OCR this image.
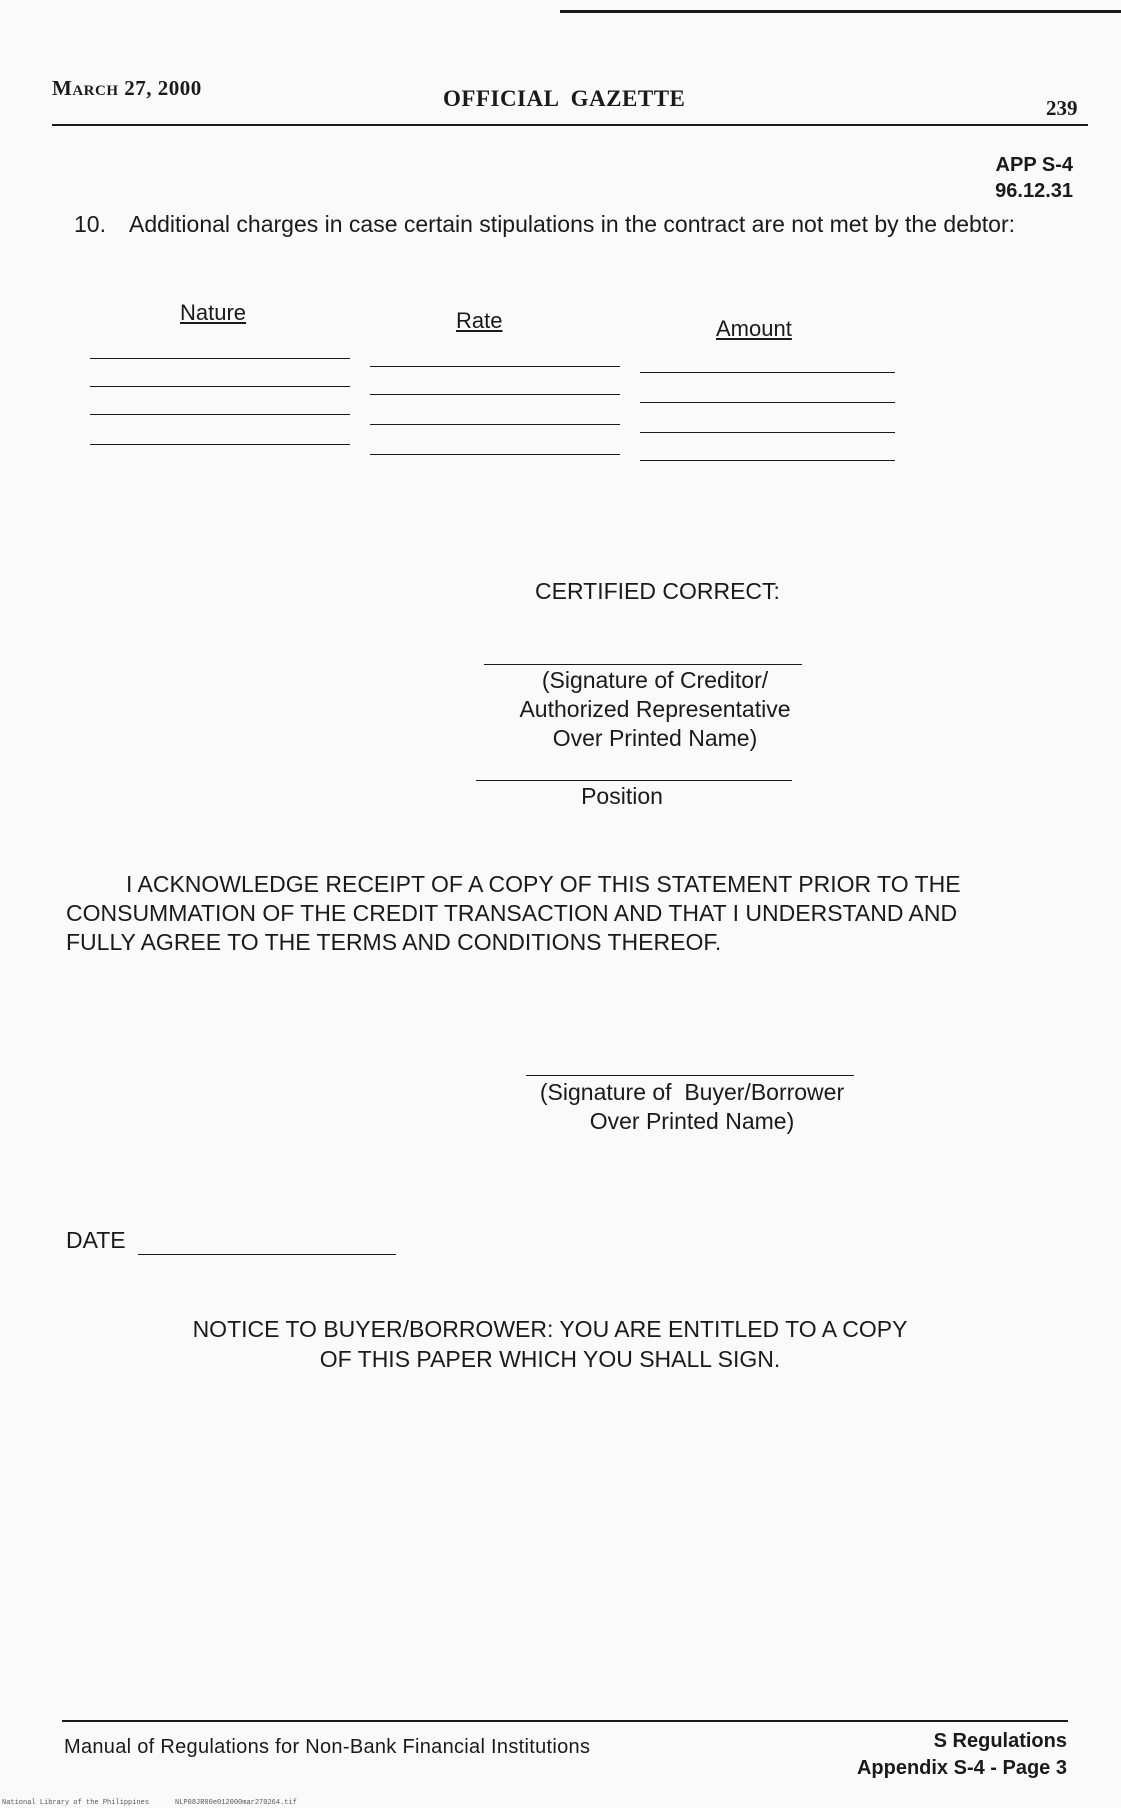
March 27, 2000	OFFICIAL  GAZETTE	239
APP S-4
96.12.31
10. Additional charges in case certain stipulations in the contract are not met by the debtor:
Nature	Rate	Amount
CERTIFIED CORRECT:
(Signature of Creditor/
Authorized Representative
Over Printed Name)
Position
I ACKNOWLEDGE RECEIPT OF A COPY OF THIS STATEMENT PRIOR TO THE
CONSUMMATION OF THE CREDIT TRANSACTION AND THAT I UNDERSTAND AND
FULLY AGREE TO THE TERMS AND CONDITIONS THEREOF.
(Signature of  Buyer/Borrower
Over Printed Name)
DATE
NOTICE TO BUYER/BORROWER: YOU ARE ENTITLED TO A COPY
OF THIS PAPER WHICH YOU SHALL SIGN.
Manual of Regulations for Non-Bank Financial Institutions	S Regulations
Appendix S-4 - Page 3
National Library of the Philippines	NLP08JR00e012000mar270264.tif
